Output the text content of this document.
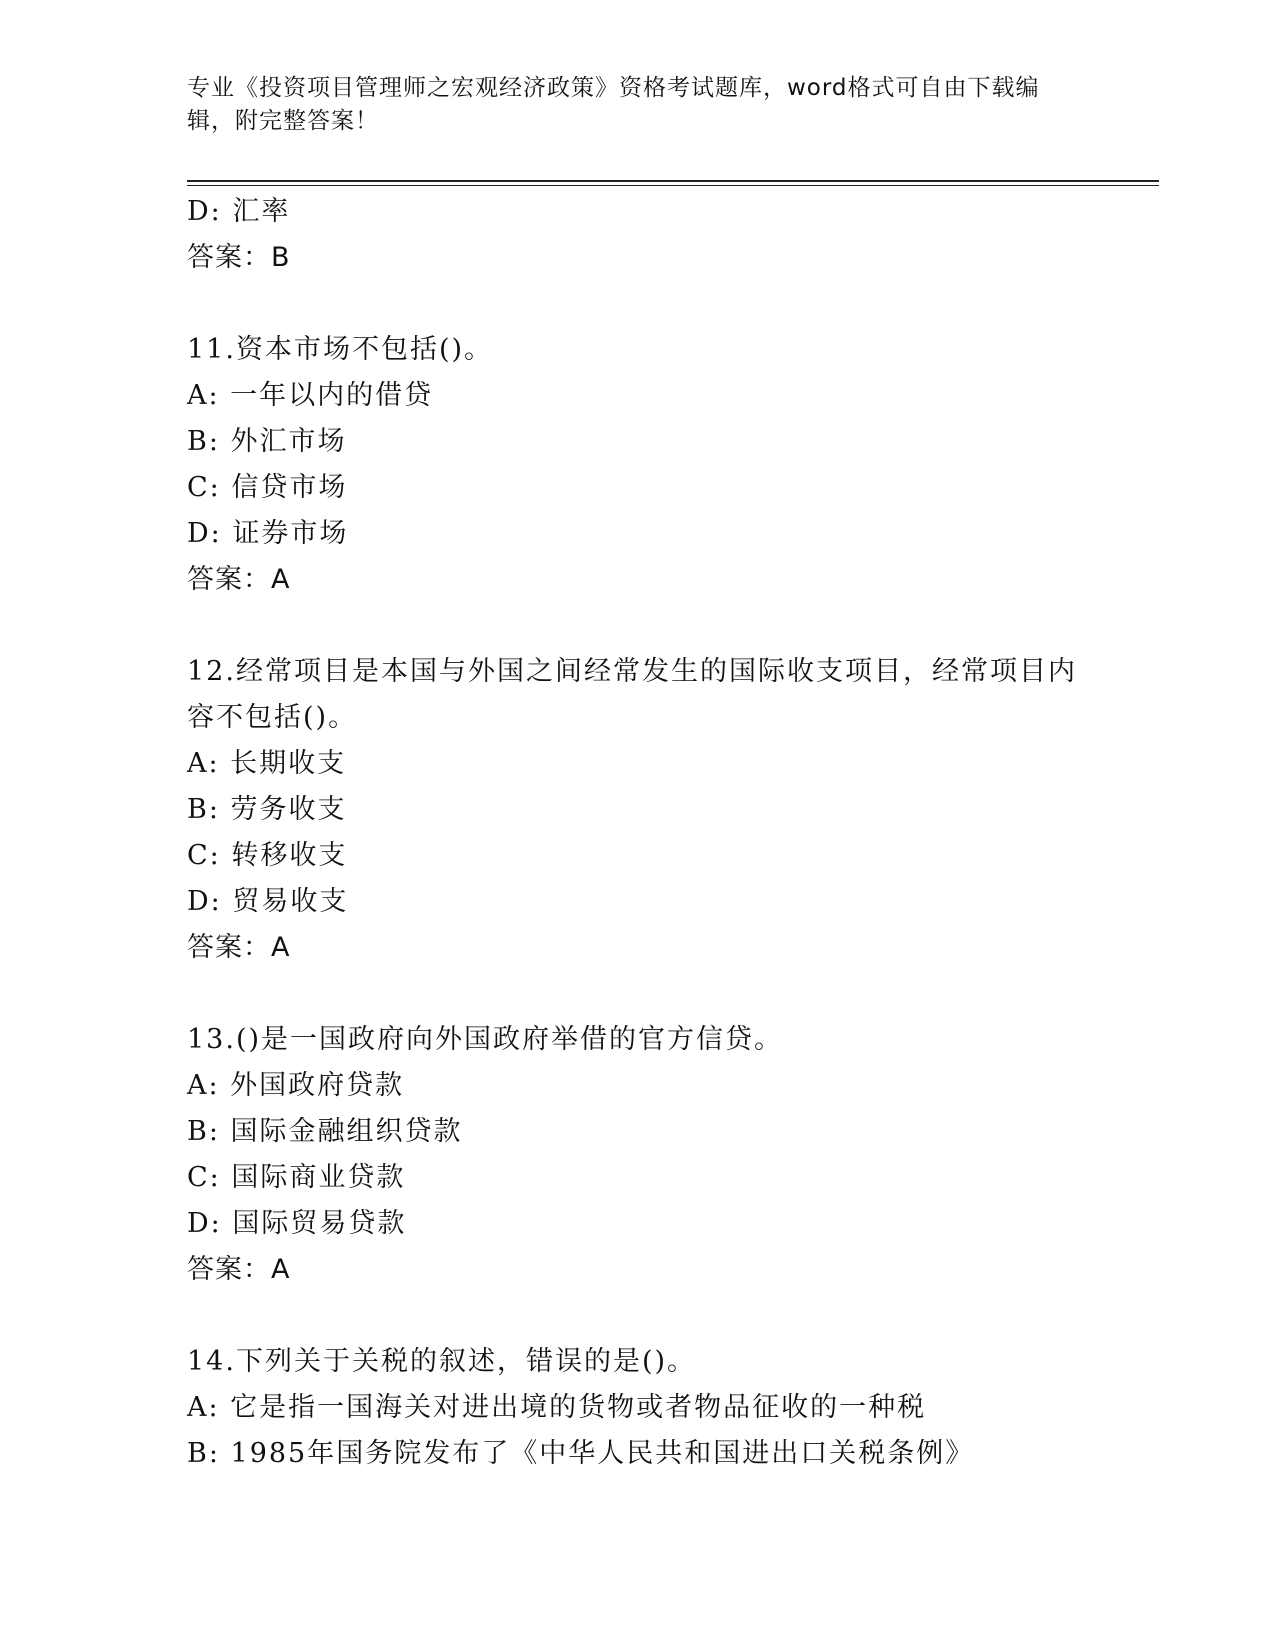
专业《投资项目管理师之宏观经济政策》资格考试题库，word格式可自由下载编辑，附完整答案！
D: 汇率
答案：B
11.资本市场不包括()。
A: 一年以内的借贷
B: 外汇市场
C: 信贷市场
D: 证券市场
答案：A
12.经常项目是本国与外国之间经常发生的国际收支项目，经常项目内容不包括()。
A: 长期收支
B: 劳务收支
C: 转移收支
D: 贸易收支
答案：A
13.()是一国政府向外国政府举借的官方信贷。
A: 外国政府贷款
B: 国际金融组织贷款
C: 国际商业贷款
D: 国际贸易贷款
答案：A
14.下列关于关税的叙述，错误的是()。
A: 它是指一国海关对进出境的货物或者物品征收的一种税
B: 1985年国务院发布了《中华人民共和国进出口关税条例》
